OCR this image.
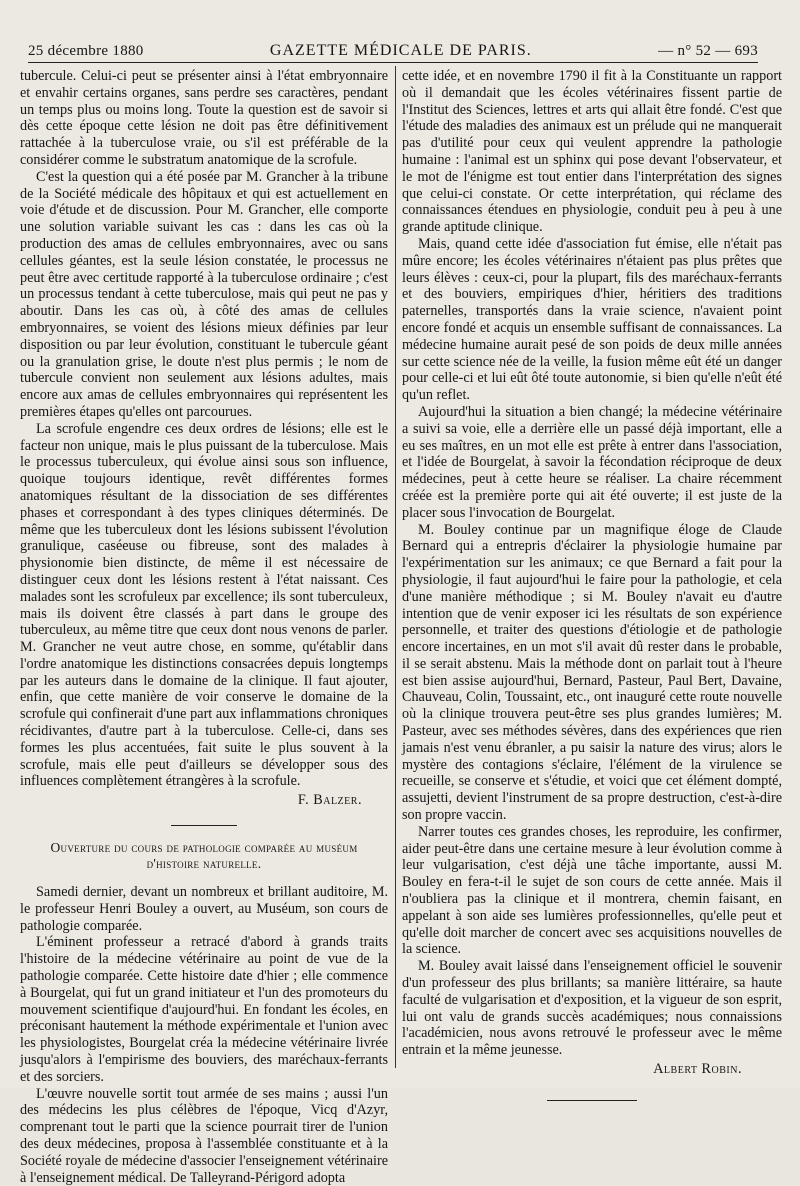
25 décembre 1880	GAZETTE MÉDICALE DE PARIS.	— n° 52 — 693

tubercule. Celui-ci peut se présenter ainsi à l'état embryonnaire et envahir certains organes, sans perdre ses caractères, pendant un temps plus ou moins long. Toute la question est de savoir si dès cette époque cette lésion ne doit pas être définitivement rattachée à la tuberculose vraie, ou s'il est préférable de la considérer comme le substratum anatomique de la scrofule.

C'est la question qui a été posée par M. Grancher à la tribune de la Société médicale des hôpitaux et qui est actuellement en voie d'étude et de discussion. Pour M. Grancher, elle comporte une solution variable suivant les cas : dans les cas où la production des amas de cellules embryonnaires, avec ou sans cellules géantes, est la seule lésion constatée, le processus ne peut être avec certitude rapporté à la tuberculose ordinaire ; c'est un processus tendant à cette tuberculose, mais qui peut ne pas y aboutir. Dans les cas où, à côté des amas de cellules embryonnaires, se voient des lésions mieux définies par leur disposition ou par leur évolution, constituant le tubercule géant ou la granulation grise, le doute n'est plus permis ; le nom de tubercule convient non seulement aux lésions adultes, mais encore aux amas de cellules embryonnaires qui représentent les premières étapes qu'elles ont parcourues.

La scrofule engendre ces deux ordres de lésions; elle est le facteur non unique, mais le plus puissant de la tuberculose. Mais le processus tuberculeux, qui évolue ainsi sous son influence, quoique toujours identique, revêt différentes formes anatomiques résultant de la dissociation de ses différentes phases et correspondant à des types cliniques déterminés. De même que les tuberculeux dont les lésions subissent l'évolution granulique, caséeuse ou fibreuse, sont des malades à physionomie bien distincte, de même il est nécessaire de distinguer ceux dont les lésions restent à l'état naissant. Ces malades sont les scrofuleux par excellence; ils sont tuberculeux, mais ils doivent être classés à part dans le groupe des tuberculeux, au même titre que ceux dont nous venons de parler. M. Grancher ne veut autre chose, en somme, qu'établir dans l'ordre anatomique les distinctions consacrées depuis longtemps par les auteurs dans le domaine de la clinique. Il faut ajouter, enfin, que cette manière de voir conserve le domaine de la scrofule qui confinerait d'une part aux inflammations chroniques récidivantes, d'autre part à la tuberculose. Celle-ci, dans ses formes les plus accentuées, fait suite le plus souvent à la scrofule, mais elle peut d'ailleurs se développer sous des influences complètement étrangères à la scrofule.

F. Balzer.
Ouverture du cours de pathologie comparée au muséum d'histoire naturelle.

Samedi dernier, devant un nombreux et brillant auditoire, M. le professeur Henri Bouley a ouvert, au Muséum, son cours de pathologie comparée.

L'éminent professeur a retracé d'abord à grands traits l'histoire de la médecine vétérinaire au point de vue de la pathologie comparée. Cette histoire date d'hier ; elle commence à Bourgelat, qui fut un grand initiateur et l'un des promoteurs du mouvement scientifique d'aujourd'hui. En fondant les écoles, en préconisant hautement la méthode expérimentale et l'union avec les physiologistes, Bourgelat créa la médecine vétérinaire livrée jusqu'alors à l'empirisme des bouviers, des maréchaux-ferrants et des sorciers.

L'œuvre nouvelle sortit tout armée de ses mains ; aussi l'un des médecins les plus célèbres de l'époque, Vicq d'Azyr, comprenant tout le parti que la science pourrait tirer de l'union des deux médecines, proposa à l'assemblée constituante et à la Société royale de médecine d'associer l'enseignement vétérinaire à l'enseignement médical. De Talleyrand-Périgord adopta

cette idée, et en novembre 1790 il fit à la Constituante un rapport où il demandait que les écoles vétérinaires fissent partie de l'Institut des Sciences, lettres et arts qui allait être fondé. C'est que l'étude des maladies des animaux est un prélude qui ne manquerait pas d'utilité pour ceux qui veulent apprendre la pathologie humaine : l'animal est un sphinx qui pose devant l'observateur, et le mot de l'énigme est tout entier dans l'interprétation des signes que celui-ci constate. Or cette interprétation, qui réclame des connaissances étendues en physiologie, conduit peu à peu à une grande aptitude clinique.

Mais, quand cette idée d'association fut émise, elle n'était pas mûre encore; les écoles vétérinaires n'étaient pas plus prêtes que leurs élèves : ceux-ci, pour la plupart, fils des maréchaux-ferrants et des bouviers, empiriques d'hier, héritiers des traditions paternelles, transportés dans la vraie science, n'avaient point encore fondé et acquis un ensemble suffisant de connaissances. La médecine humaine aurait pesé de son poids de deux mille années sur cette science née de la veille, la fusion même eût été un danger pour celle-ci et lui eût ôté toute autonomie, si bien qu'elle n'eût été qu'un reflet.

Aujourd'hui la situation a bien changé; la médecine vétérinaire a suivi sa voie, elle a derrière elle un passé déjà important, elle a eu ses maîtres, en un mot elle est prête à entrer dans l'association, et l'idée de Bourgelat, à savoir la fécondation réciproque de deux médecines, peut à cette heure se réaliser. La chaire récemment créée est la première porte qui ait été ouverte; il est juste de la placer sous l'invocation de Bourgelat.

M. Bouley continue par un magnifique éloge de Claude Bernard qui a entrepris d'éclairer la physiologie humaine par l'expérimentation sur les animaux; ce que Bernard a fait pour la physiologie, il faut aujourd'hui le faire pour la pathologie, et cela d'une manière méthodique ; si M. Bouley n'avait eu d'autre intention que de venir exposer ici les résultats de son expérience personnelle, et traiter des questions d'étiologie et de pathologie encore incertaines, en un mot s'il avait dû rester dans le probable, il se serait abstenu. Mais la méthode dont on parlait tout à l'heure est bien assise aujourd'hui, Bernard, Pasteur, Paul Bert, Davaine, Chauveau, Colin, Toussaint, etc., ont inauguré cette route nouvelle où la clinique trouvera peut-être ses plus grandes lumières; M. Pasteur, avec ses méthodes sévères, dans des expériences que rien jamais n'est venu ébranler, a pu saisir la nature des virus; alors le mystère des contagions s'éclaire, l'élément de la virulence se recueille, se conserve et s'étudie, et voici que cet élément dompté, assujetti, devient l'instrument de sa propre destruction, c'est-à-dire son propre vaccin.

Narrer toutes ces grandes choses, les reproduire, les confirmer, aider peut-être dans une certaine mesure à leur évolution comme à leur vulgarisation, c'est déjà une tâche importante, aussi M. Bouley en fera-t-il le sujet de son cours de cette année. Mais il n'oubliera pas la clinique et il montrera, chemin faisant, en appelant à son aide ses lumières professionnelles, qu'elle peut et qu'elle doit marcher de concert avec ses acquisitions nouvelles de la science.

M. Bouley avait laissé dans l'enseignement officiel le souvenir d'un professeur des plus brillants; sa manière littéraire, sa haute faculté de vulgarisation et d'exposition, et la vigueur de son esprit, lui ont valu de grands succès académiques; nous connaissions l'académicien, nous avons retrouvé le professeur avec le même entrain et la même jeunesse.

Albert Robin.
